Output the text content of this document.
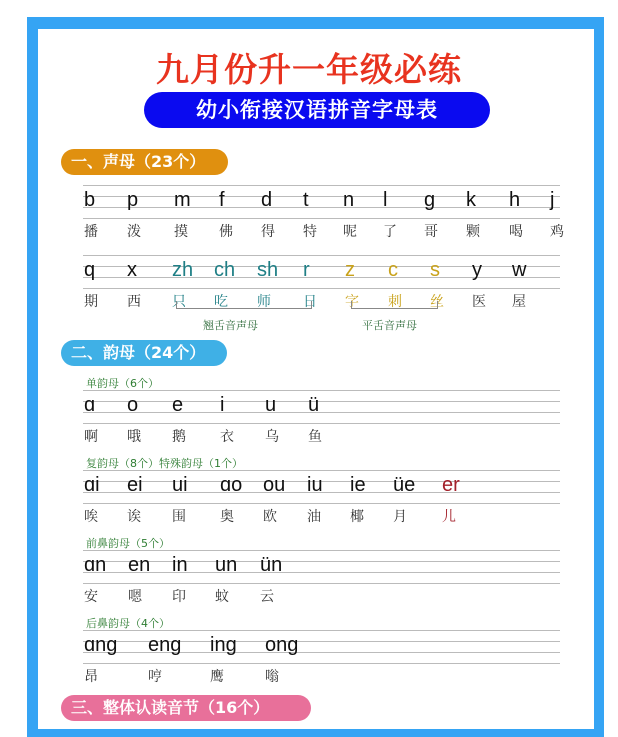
九月份升一年级必练
幼小衔接汉语拼音字母表
一、声母（23个）
b
播
p
泼
m
摸
f
佛
d
得
t
特
n
呢
l
了
g
哥
k
颗
h
喝
j
鸡
q
期
x
西
zh
只
ch
吃
sh
师
r
日
z
字
c
刺
s
丝
y
医
w
屋
翘舌音声母	平舌音声母
二、韵母（24个）
单韵母（6个）
ɑ
啊
o
哦
e
鹅
i
衣
u
乌
ü
鱼
复韵母（8个）特殊韵母（1个）
ɑi
唉
ei
诶
ui
围
ɑo
奥
ou
欧
iu
油
ie
椰
üe
月
er
儿
前鼻韵母（5个）
ɑn
安
en
嗯
in
印
un
蚊
ün
云
后鼻韵母（4个）
ɑng
昂
eng
哼
ing
鹰
ong
嗡
三、整体认读音节（16个）
